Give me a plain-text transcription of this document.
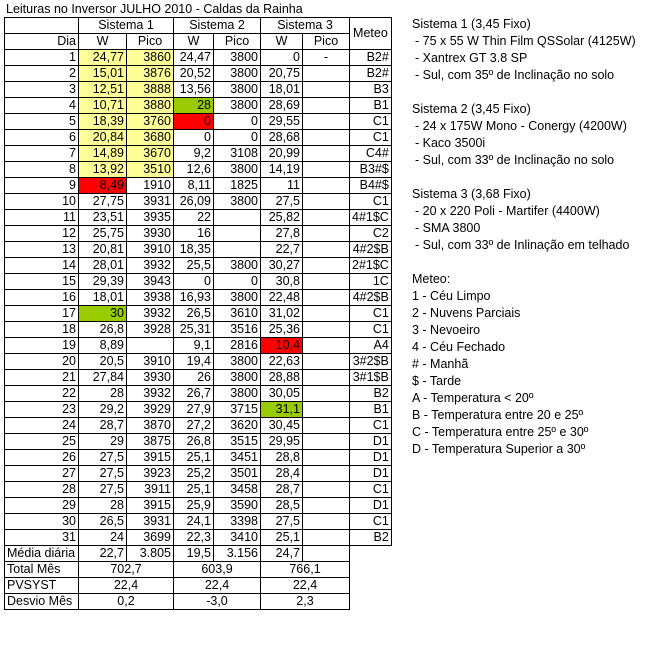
Leituras no Inversor JULHO 2010 - Caldas da Rainha
	Sistema 1		Sistema 2		Sistema 3		Meteo
Dia	W	Pico	W	Pico	W	Pico	
1	24,77	3860	24,47	3800	0	-	B2#
2	15,01	3876	20,52	3800	20,75		B2#
3	12,51	3888	13,56	3800	18,01		B3
4	10,71	3880	28	3800	28,69		B1
5	18,39	3760	0	0	29,55		C1
6	20,84	3680	0	0	28,68		C1
7	14,89	3670	9,2	3108	20,99		C4#
8	13,92	3510	12,6	3800	14,19		B3#$
9	8,49	1910	8,11	1825	11		B4#$
10	27,75	3931	26,09	3800	27,5		C1
11	23,51	3935	22		25,82		4#1$C
12	25,75	3930	16		27,8		C2
13	20,81	3910	18,35		22,7		4#2$B
14	28,01	3932	25,5	3800	30,27		2#1$C
15	29,39	3943	0	0	30,8		1C
16	18,01	3938	16,93	3800	22,48		4#2$B
17	30	3932	26,5	3610	31,02		C1
18	26,8	3928	25,31	3516	25,36		C1
19	8,89		9,1	2816	10,4		A4
20	20,5	3910	19,4	3800	22,63		3#2$B
21	27,84	3930	26	3800	28,88		3#1$B
22	28	3932	26,7	3800	30,05		B2
23	29,2	3929	27,9	3715	31,1		B1
24	28,7	3870	27,2	3620	30,45		C1
25	29	3875	26,8	3515	29,95		D1
26	27,5	3915	25,1	3451	28,8		D1
27	27,5	3923	25,2	3501	28,4		D1
28	27,5	3911	25,1	3458	28,7		C1
29	28	3915	25,9	3590	28,5		D1
30	26,5	3931	24,1	3398	27,5		C1
31	24	3699	22,3	3410	25,1		B2
Média diária	22,7	3.805	19,5	3.156	24,7		
Total Mês	702,7		603,9		766,1		
PVSYST	22,4		22,4		22,4		
Desvio Mês	0,2		-3,0		2,3		
Sistema 1 (3,45 Fixo)
- 75 x 55 W Thin Film QSSolar (4125W)
- Xantrex GT 3.8 SP
- Sul, com 35º de Inclinação no solo
Sistema 2 (3,45 Fixo)
- 24 x 175W Mono - Conergy (4200W)
- Kaco 3500i
- Sul, com 33º de Inclinação no solo
Sistema 3 (3,68 Fixo)
- 20 x 220 Poli - Martifer (4400W)
- SMA 3800
- Sul, com 33º de Inlinação em telhado
Meteo:
1 - Céu Limpo
2 - Nuvens Parciais
3 - Nevoeiro
4 - Céu Fechado
# - Manhã
$ - Tarde
A - Temperatura < 20º
B - Temperatura entre 20 e 25º
C - Temperatura entre 25º e 30º
D - Temperatura Superior a 30º
